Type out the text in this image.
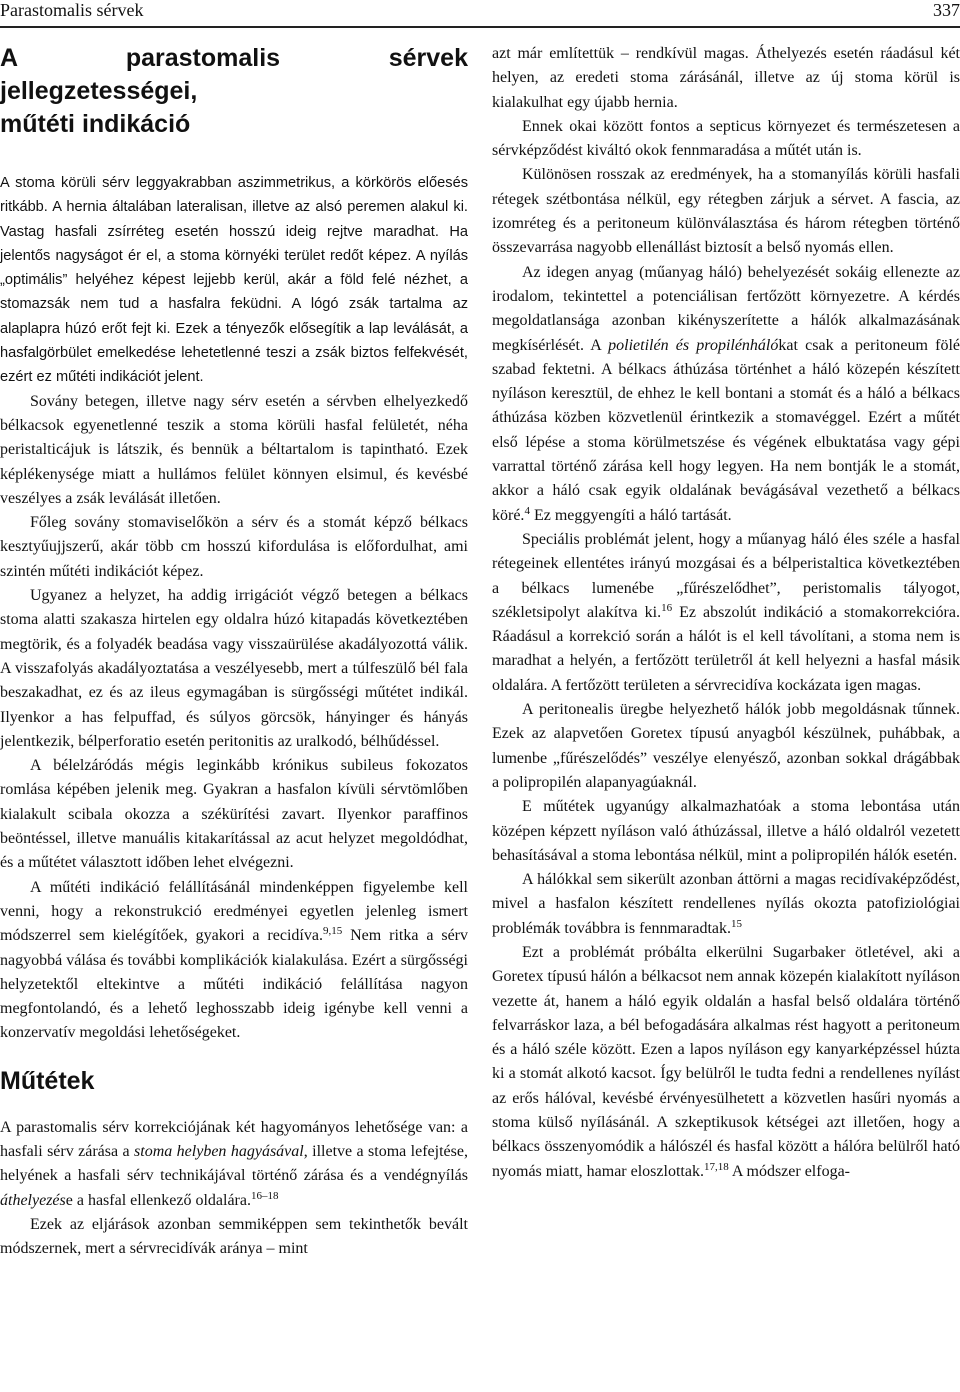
Parastomalis sérvek	337
A parastomalis sérvek jellegzetességei,
műtéti indikáció

A stoma körüli sérv leggyakrabban aszimmetrikus, a körkörös előesés ritkább. A hernia általában lateralisan, illetve az alsó peremen alakul ki. Vastag hasfali zsírréteg esetén hosszú ideig rejtve maradhat. Ha jelentős nagyságot ér el, a stoma környéki terület redőt képez. A nyílás „optimális” helyéhez képest lejjebb kerül, akár a föld felé nézhet, a stomazsák nem tud a hasfalra feküdni. A lógó zsák tartalma az alaplapra húzó erőt fejt ki. Ezek a tényezők elősegítik a lap leválását, a hasfalgörbület emelkedése lehetetlenné teszi a zsák biztos felfekvését, ezért ez műtéti indikációt jelent.

Sovány betegen, illetve nagy sérv esetén a sérvben elhelyezkedő bélkacsok egyenetlenné teszik a stoma körüli hasfal felületét, néha peristalticájuk is látszik, és bennük a béltartalom is tapintható. Ezek képlékenysége miatt a hullámos felület könnyen elsimul, és kevésbé veszélyes a zsák leválását illetően.

Főleg sovány stomaviselőkön a sérv és a stomát képző bélkacs kesztyűujjszerű, akár több cm hosszú kifordulása is előfordulhat, ami szintén műtéti indikációt képez.

Ugyanez a helyzet, ha addig irrigációt végző betegen a bélkacs stoma alatti szakasza hirtelen egy oldalra húzó kitapadás következtében megtörik, és a folyadék beadása vagy visszaürülése akadályozottá válik. A visszafolyás akadályoztatása a veszélyesebb, mert a túlfeszülő bél fala beszakadhat, ez és az ileus egymagában is sürgősségi műtétet indikál. Ilyenkor a has felpuffad, és súlyos görcsök, hányinger és hányás jelentkezik, bélperforatio esetén peritonitis az uralkodó, bélhűdéssel.

A bélelzáródás mégis leginkább krónikus subileus fokozatos romlása képében jelenik meg. Gyakran a hasfalon kívüli sérvtömlőben kialakult scibala okozza a székürítési zavart. Ilyenkor paraffinos beöntéssel, illetve manuális kitakarítással az acut helyzet megoldódhat, és a műtétet választott időben lehet elvégezni.

A műtéti indikáció felállításánál mindenképpen figyelembe kell venni, hogy a rekonstrukció eredményei egyetlen jelenleg ismert módszerrel sem kielégítőek, gyakori a recidíva.$^{9,15}$ Nem ritka a sérv nagyobbá válása és további komplikációk kialakulása. Ezért a sürgősségi helyzetektől eltekintve a műtéti indikáció felállítása nagyon megfontolandó, és a lehető leghosszabb ideig igénybe kell venni a konzervatív megoldási lehetőségeket.

Műtétek

A parastomalis sérv korrekciójának két hagyományos lehetősége van: a hasfali sérv zárása a stoma helyben hagyásával, illetve a stoma lefejtése, helyének a hasfali sérv technikájával történő zárása és a vendégnyílás áthelyezése a hasfal ellenkező oldalára.$^{16-18}$

Ezek az eljárások azonban semmiképpen sem tekinthetők bevált módszernek, mert a sérvrecidívák aránya – mint

azt már említettük – rendkívül magas. Áthelyezés esetén ráadásul két helyen, az eredeti stoma zárásánál, illetve az új stoma körül is kialakulhat egy újabb hernia.

Ennek okai között fontos a septicus környezet és természetesen a sérvképződést kiváltó okok fennmaradása a műtét után is.

Különösen rosszak az eredmények, ha a stomanyílás körüli hasfali rétegek szétbontása nélkül, egy rétegben zárjuk a sérvet. A fascia, az izomréteg és a peritoneum különválasztása és három rétegben történő összevarrása nagyobb ellenállást biztosít a belső nyomás ellen.

Az idegen anyag (műanyag háló) behelyezését sokáig ellenezte az irodalom, tekintettel a potenciálisan fertőzött környezetre. A kérdés megoldatlansága azonban kikényszerítette a hálók alkalmazásának megkísérlését. A polietilén és propilénhálókat csak a peritoneum fölé szabad fektetni. A bélkacs áthúzása történhet a háló közepén készített nyíláson keresztül, de ehhez le kell bontani a stomát és a háló a bélkacs áthúzása közben közvetlenül érintkezik a stomavéggel. Ezért a műtét első lépése a stoma körülmetszése és végének elbuktatása vagy gépi varrattal történő zárása kell hogy legyen. Ha nem bontják le a stomát, akkor a háló csak egyik oldalának bevágásával vezethető a bélkacs köré.$^4$ Ez meggyengíti a háló tartását.

Speciális problémát jelent, hogy a műanyag háló éles széle a hasfal rétegeinek ellentétes irányú mozgásai és a bélperistaltica következtében a bélkacs lumenébe „fűrészelődhet”, peristomalis tályogot, székletsipolyt alakítva ki.$^{16}$ Ez abszolút indikáció a stomakorrekcióra. Ráadásul a korrekció során a hálót is el kell távolítani, a stoma nem is maradhat a helyén, a fertőzött területről át kell helyezni a hasfal másik oldalára. A fertőzött területen a sérvrecidíva kockázata igen magas.

A peritonealis üregbe helyezhető hálók jobb megoldásnak tűnnek. Ezek az alapvetően Goretex típusú anyagból készülnek, puhábbak, a lumenbe „fűrészelődés” veszélye elenyésző, azonban sokkal drágábbak a polipropilén alapanyagúaknál.

E műtétek ugyanúgy alkalmazhatóak a stoma lebontása után középen képzett nyíláson való áthúzással, illetve a háló oldalról vezetett behasításával a stoma lebontása nélkül, mint a polipropilén hálók esetén.

A hálókkal sem sikerült azonban áttörni a magas recidívaképződést, mivel a hasfalon készített rendellenes nyílás okozta patofiziológiai problémák továbbra is fennmaradtak.$^{15}$

Ezt a problémát próbálta elkerülni Sugarbaker ötletével, aki a Goretex típusú hálón a bélkacsot nem annak közepén kialakított nyíláson vezette át, hanem a háló egyik oldalán a hasfal belső oldalára történő felvarráskor laza, a bél befogadására alkalmas rést hagyott a peritoneum és a háló széle között. Ezen a lapos nyíláson egy kanyarképzéssel húzta ki a stomát alkotó kacsot. Így belülről le tudta fedni a rendellenes nyílást az erős hálóval, kevésbé érvényesülhetett a közvetlen hasűri nyomás a stoma külső nyílásánál. A szkeptikusok kétségei azt illetően, hogy a bélkacs összenyomódik a hálószél és hasfal között a hálóra belülről ható nyomás miatt, hamar eloszlottak.$^{17,18}$ A módszer elfoga-
